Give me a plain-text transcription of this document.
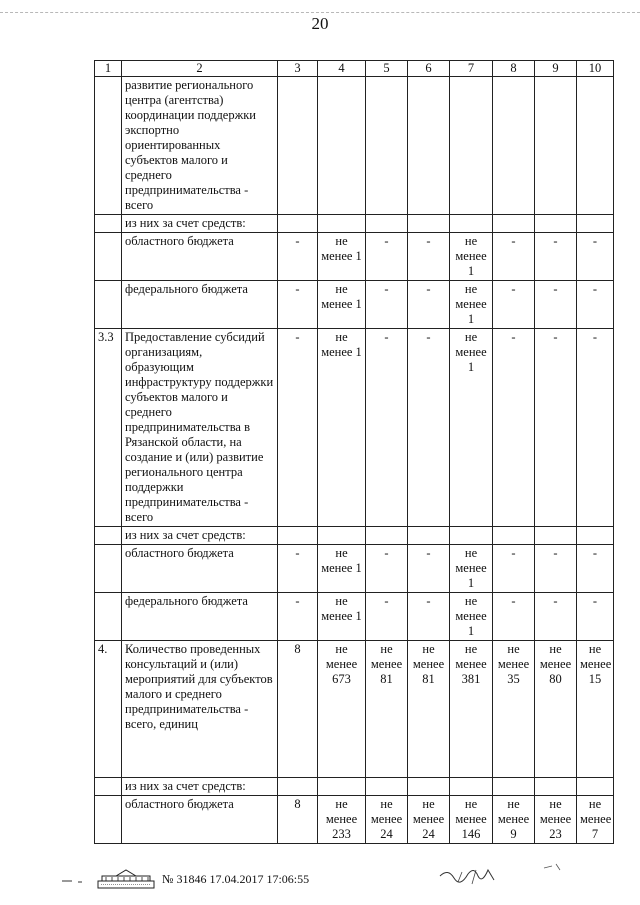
20
1	2	3	4	5	6	7	8	9	10
	развитие регионального центра (агентства) координации поддержки экспортно ориентированных субъектов малого и среднего предпринимательства - всего								
	из них за счет средств:								
	областного бюджета	-	не менее 1	-	-	не менее 1	-	-	-
	федерального бюджета	-	не менее 1	-	-	не менее 1	-	-	-
3.3	Предоставление субсидий организациям, образующим инфраструктуру поддержки субъектов малого и среднего предпринимательства в Рязанской области, на создание и (или) развитие регионального центра поддержки предпринимательства - всего	-	не менее 1	-	-	не менее 1	-	-	-
	из них за счет средств:								
	областного бюджета	-	не менее 1	-	-	не менее 1	-	-	-
	федерального бюджета	-	не менее 1	-	-	не менее 1	-	-	-
4.	Количество проведенных консультаций и (или) мероприятий для субъектов малого и среднего предпринимательства - всего, единиц	8	не менее 673	не менее 81	не менее 81	не менее 381	не менее 35	не менее 80	не менее 15
	из них за счет средств:								
	областного бюджета	8	не менее 233	не менее 24	не менее 24	не менее 146	не менее 9	не менее 23	не менее 7
№ 31846 17.04.2017 17:06:55
